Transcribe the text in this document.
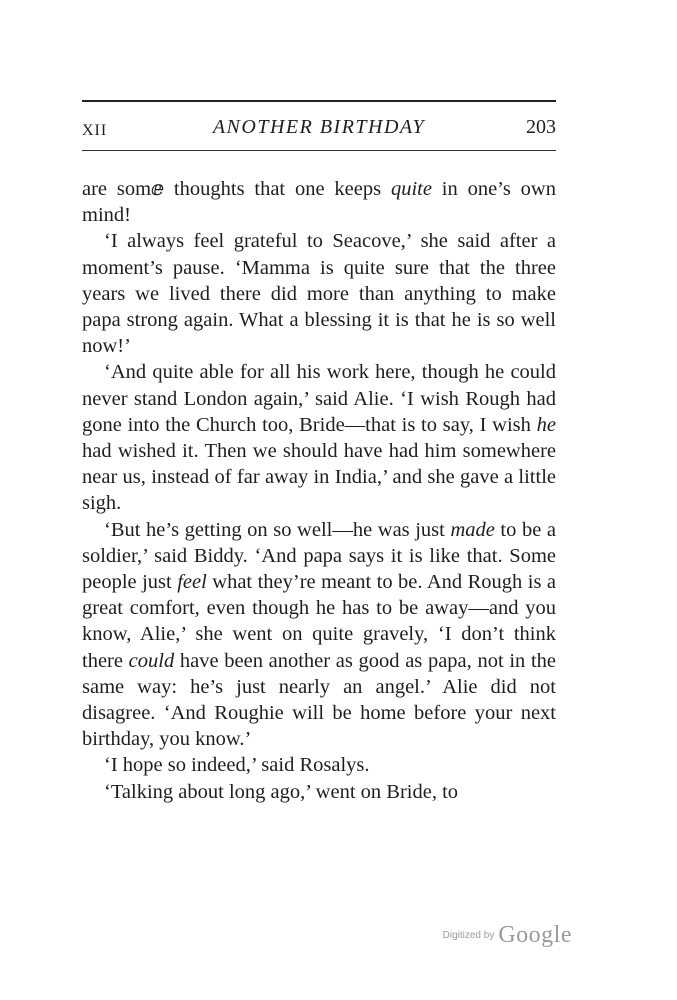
XII	ANOTHER BIRTHDAY	203

are somⅇ thoughts that one keeps quite in one’s own mind!

‘I always feel grateful to Seacove,’ she said after a moment’s pause. ‘Mamma is quite sure that the three years we lived there did more than anything to make papa strong again. What a blessing it is that he is so well now!’

‘And quite able for all his work here, though he could never stand London again,’ said Alie. ‘I wish Rough had gone into the Church too, Bride—that is to say, I wish he had wished it. Then we should have had him somewhere near us, instead of far away in India,’ and she gave a little sigh.

‘But he’s getting on so well—he was just made to be a soldier,’ said Biddy. ‘And papa says it is like that. Some people just feel what they’re meant to be. And Rough is a great comfort, even though he has to be away—and you know, Alie,’ she went on quite gravely, ‘I don’t think there could have been another as good as papa, not in the same way: he’s just nearly an angel.’ Alie did not disagree. ‘And Roughie will be home before your next birthday, you know.’

‘I hope so indeed,’ said Rosalys.

‘Talking about long ago,’ went on Bride, to

$^{Digitized by}$ Google
